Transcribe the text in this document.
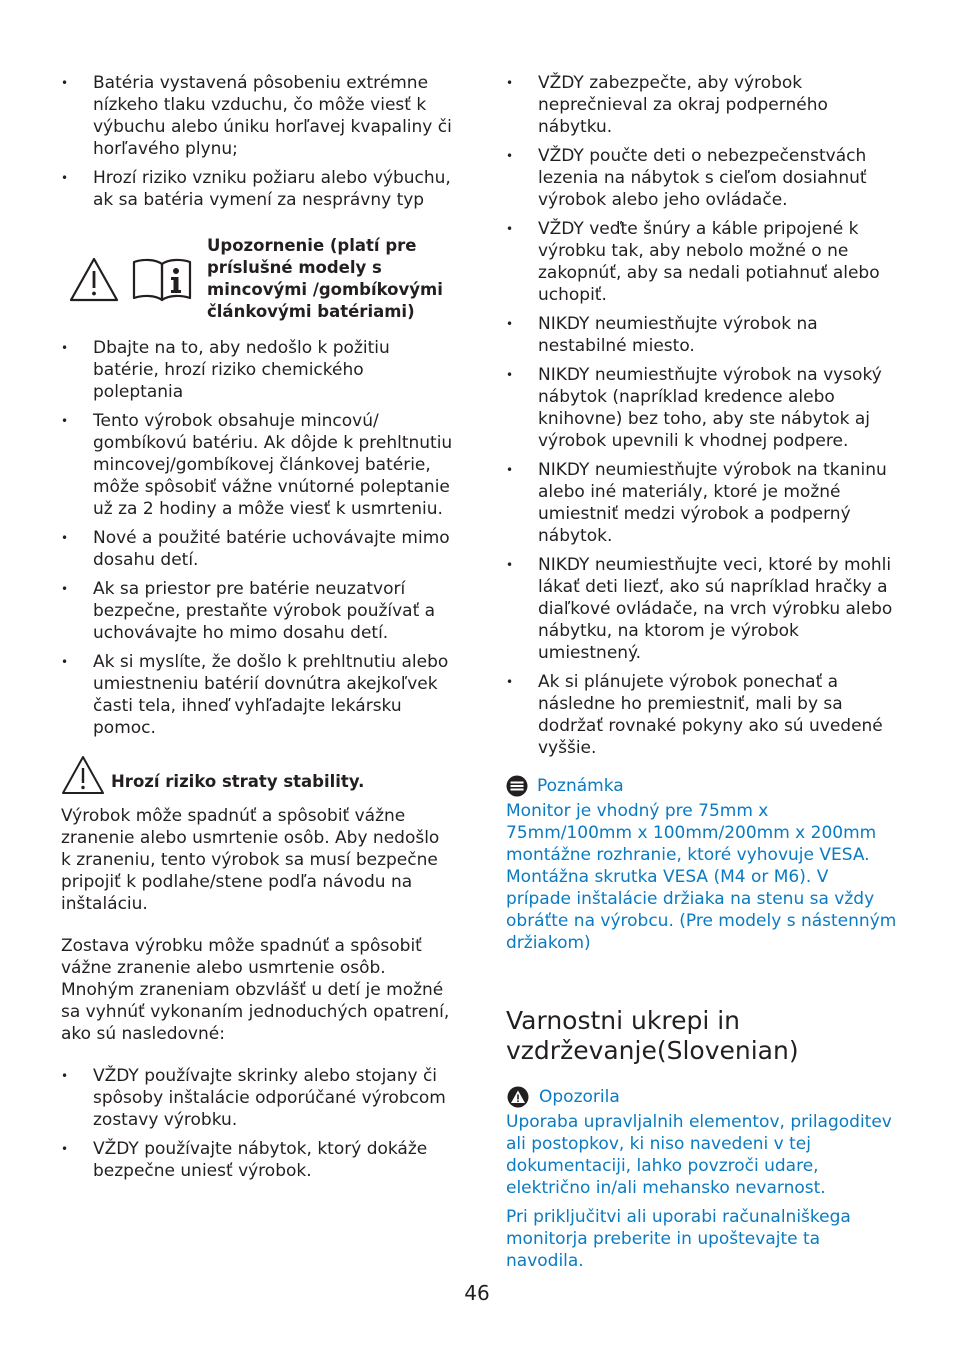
• Batéria vystavená pôsobeniu extrémne nízkeho tlaku vzduchu, čo môže viesť k výbuchu alebo úniku horľavej kvapaliny či horľavého plynu;
• Hrozí riziko vzniku požiaru alebo výbuchu, ak sa batéria vymení za nesprávny typ
Upozornenie (platí pre príslušné modely s mincovými /gombíkovými článkovými batériami)
• Dbajte na to, aby nedošlo k požitiu batérie, hrozí riziko chemického poleptania
• Tento výrobok obsahuje mincovú/ gombíkovú batériu. Ak dôjde k prehltnutiu mincovej/gombíkovej článkovej batérie, môže spôsobiť vážne vnútorné poleptanie už za 2 hodiny a môže viesť k usmrteniu.
• Nové a použité batérie uchovávajte mimo dosahu detí.
• Ak sa priestor pre batérie neuzatvorí bezpečne, prestaňte výrobok používať a uchovávajte ho mimo dosahu detí.
• Ak si myslíte, že došlo k prehltnutiu alebo umiestneniu batérií dovnútra akejkoľvek časti tela, ihneď vyhľadajte lekársku pomoc.
Hrozí riziko straty stability.

Výrobok môže spadnúť a spôsobiť vážne zranenie alebo usmrtenie osôb. Aby nedošlo k zraneniu, tento výrobok sa musí bezpečne pripojiť k podlahe/stene podľa návodu na inštaláciu.

Zostava výrobku môže spadnúť a spôsobiť vážne zranenie alebo usmrtenie osôb. Mnohým zraneniam obzvlášť u detí je možné sa vyhnúť vykonaním jednoduchých opatrení, ako sú nasledovné:

• VŽDY používajte skrinky alebo stojany či spôsoby inštalácie odporúčané výrobcom zostavy výrobku.
• VŽDY používajte nábytok, ktorý dokáže bezpečne uniesť výrobok.
• VŽDY zabezpečte, aby výrobok neprečnieval za okraj podperného nábytku.
• VŽDY poučte deti o nebezpečenstvách lezenia na nábytok s cieľom dosiahnuť výrobok alebo jeho ovládače.
• VŽDY veďte šnúry a káble pripojené k výrobku tak, aby nebolo možné o ne zakopnúť, aby sa nedali potiahnuť alebo uchopiť.
• NIKDY neumiestňujte výrobok na nestabilné miesto.
• NIKDY neumiestňujte výrobok na vysoký nábytok (napríklad kredence alebo knihovne) bez toho, aby ste nábytok aj výrobok upevnili k vhodnej podpere.
• NIKDY neumiestňujte výrobok na tkaninu alebo iné materiály, ktoré je možné umiestniť medzi výrobok a podperný nábytok.
• NIKDY neumiestňujte veci, ktoré by mohli lákať deti liezť, ako sú napríklad hračky a diaľkové ovládače, na vrch výrobku alebo nábytku, na ktorom je výrobok umiestnený.
• Ak si plánujete výrobok ponechať a následne ho premiestniť, mali by sa dodržať rovnaké pokyny ako sú uvedené vyššie.
Poznámka

Monitor je vhodný pre 75mm x 75mm/100mm x 100mm/200mm x 200mm montážne rozhranie, ktoré vyhovuje VESA. Montážna skrutka VESA (M4 or M6). V prípade inštalácie držiaka na stenu sa vždy obráťte na výrobcu. (Pre modely s nástenným držiakom)

Varnostni ukrepi in vzdrževanje(Slovenian)
Opozorila

Uporaba upravljalnih elementov, prilagoditev ali postopkov, ki niso navedeni v tej dokumentaciji, lahko povzroči udare, električno in/ali mehansko nevarnost.

Pri priključitvi ali uporabi računalniškega monitorja preberite in upoštevajte ta navodila.

46
